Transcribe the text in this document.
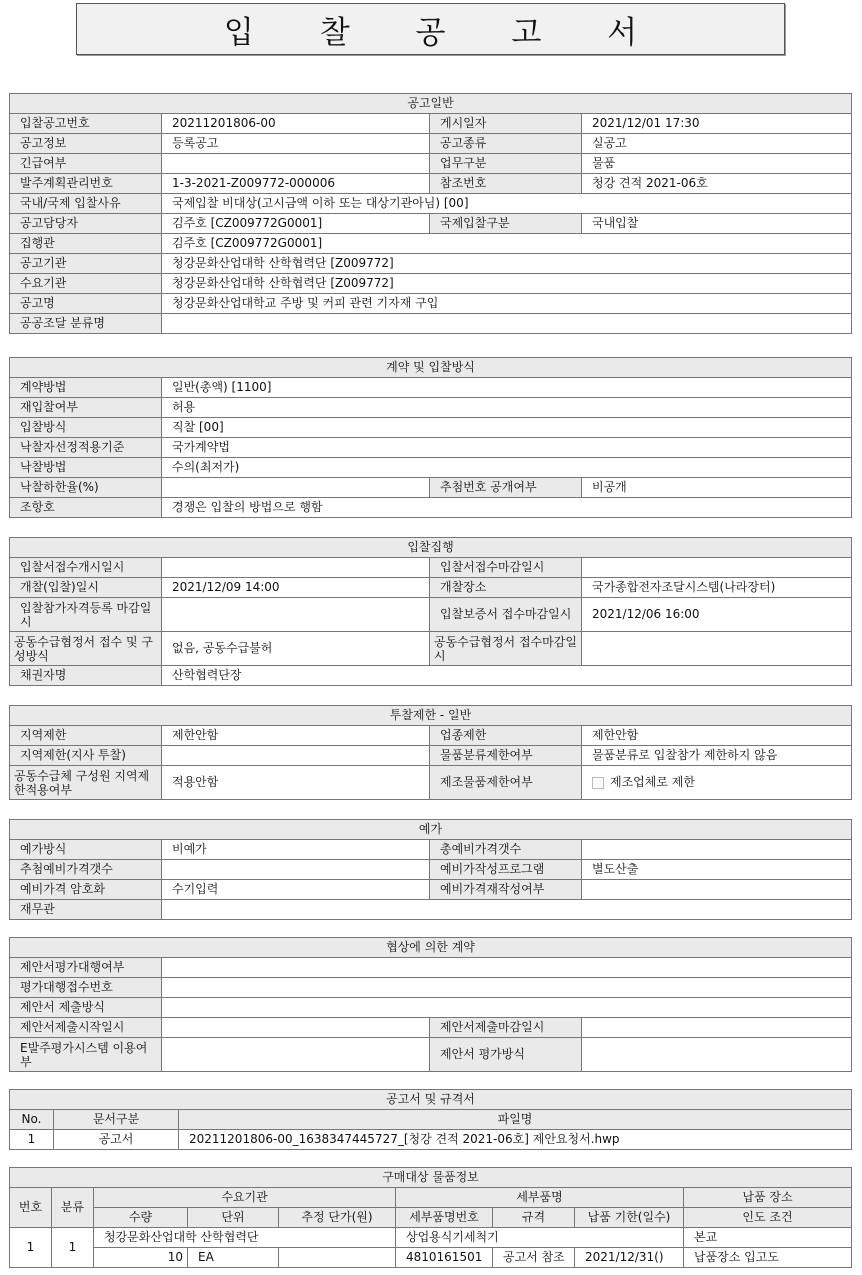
입 찰 공 고 서
공고일반			
입찰공고번호	20211201806-00	게시일자	2021/12/01 17:30
공고정보	등록공고	공고종류	실공고
긴급여부		업무구분	물품
발주계획관리번호	1-3-2021-Z009772-000006	참조번호	청강 견적 2021-06호
국내/국제 입찰사유	국제입찰 비대상(고시금액 이하 또는 대상기관아님) [00]		
공고담당자	김주호 [CZ009772G0001]	국제입찰구분	국내입찰
집행관	김주호 [CZ009772G0001]		
공고기관	청강문화산업대학 산학협력단 [Z009772]		
수요기관	청강문화산업대학 산학협력단 [Z009772]		
공고명	청강문화산업대학교 주방 및 커피 관련 기자재 구입		
공공조달 분류명			
계약 및 입찰방식			
계약방법	일반(총액) [1100]		
재입찰여부	허용		
입찰방식	직찰 [00]		
낙찰자선정적용기준	국가계약법		
낙찰방법	수의(최저가)		
낙찰하한율(%)		추첨번호 공개여부	비공개
조항호	경쟁은 입찰의 방법으로 행함		
입찰집행			
입찰서접수개시일시		입찰서접수마감일시	
개찰(입찰)일시	2021/12/09 14:00	개찰장소	국가종합전자조달시스템(나라장터)
입찰참가자격등록 마감일시		입찰보증서 접수마감일시	2021/12/06 16:00
공동수급협정서 접수 및 구성방식	없음, 공동수급불허	공동수급협정서 접수마감일시	
채권자명	산학협력단장		
투찰제한 - 일반			
지역제한	제한안함	업종제한	제한안함
지역제한(지사 투찰)		물품분류제한여부	물품분류로 입찰참가 제한하지 않음
공동수급체 구성원 지역제한적용여부	적용안함	제조물품제한여부	제조업체로 제한
예가			
예가방식	비예가	총예비가격갯수	
추첨예비가격갯수		예비가작성프로그램	별도산출
예비가격 암호화	수기입력	예비가격재작성여부	
재무관			
협상에 의한 계약			
제안서평가대행여부			
평가대행접수번호			
제안서 제출방식			
제안서제출시작일시		제안서제출마감일시	
E발주평가시스템 이용여부		제안서 평가방식	
공고서 및 규격서		
No.	문서구분	파일명
1	공고서	20211201806-00_1638347445727_[청강 견적 2021-06호] 제안요청서.hwp
구매대상 물품정보								
번호	분류	수요기관			세부품명			납품 장소
		수량	단위	추정 단가(원)	세부품명번호	규격	납품 기한(일수)	인도 조건
1	1	청강문화산업대학 산학협력단			상업용식기세척기			본교
		10	EA		4810161501	공고서 참조	2021/12/31()	납품장소 입고도
